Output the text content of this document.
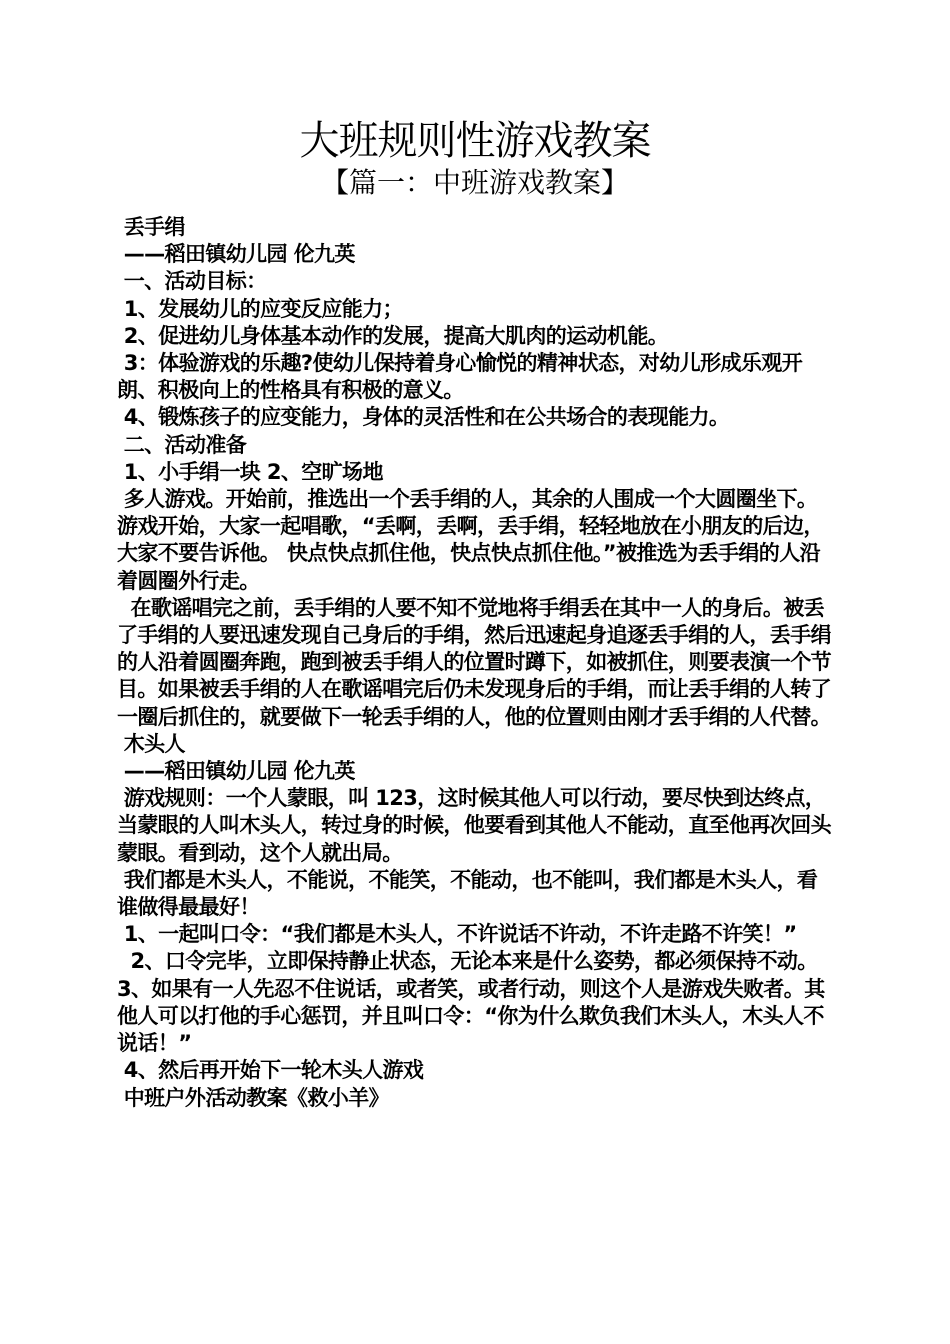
大班规则性游戏教案
【篇一：中班游戏教案】

丢手绢

——稻田镇幼儿园 伦九英

一、活动目标：

1、发展幼儿的应变反应能力；

2、促进幼儿身体基本动作的发展，提高大肌肉的运动机能。

3：体验游戏的乐趣?使幼儿保持着身心愉悦的精神状态，对幼儿形成乐观开朗、积极向上的性格具有积极的意义。

4、锻炼孩子的应变能力，身体的灵活性和在公共场合的表现能力。

二、活动准备

1、小手绢一块 2、空旷场地

多人游戏。开始前，推选出一个丢手绢的人，其余的人围成一个大圆圈坐下。游戏开始，大家一起唱歌，“丢啊，丢啊，丢手绢，轻轻地放在小朋友的后边，大家不要告诉他。 快点快点抓住他，快点快点抓住他。”被推选为丢手绢的人沿着圆圈外行走。

在歌谣唱完之前，丢手绢的人要不知不觉地将手绢丢在其中一人的身后。被丢了手绢的人要迅速发现自己身后的手绢，然后迅速起身追逐丢手绢的人，丢手绢的人沿着圆圈奔跑，跑到被丢手绢人的位置时蹲下，如被抓住，则要表演一个节目。如果被丢手绢的人在歌谣唱完后仍未发现身后的手绢，而让丢手绢的人转了一圈后抓住的，就要做下一轮丢手绢的人，他的位置则由刚才丢手绢的人代替。

木头人

——稻田镇幼儿园 伦九英

游戏规则：一个人蒙眼，叫 123，这时候其他人可以行动，要尽快到达终点，当蒙眼的人叫木头人，转过身的时候，他要看到其他人不能动，直至他再次回头蒙眼。看到动，这个人就出局。

我们都是木头人，不能说，不能笑，不能动，也不能叫，我们都是木头人，看谁做得最最好！

1、一起叫口令：“我们都是木头人，不许说话不许动，不许走路不许笑！”

2、口令完毕，立即保持静止状态，无论本来是什么姿势，都必须保持不动。

3、如果有一人先忍不住说话，或者笑，或者行动，则这个人是游戏失败者。其他人可以打他的手心惩罚，并且叫口令：“你为什么欺负我们木头人，木头人不说话！”

4、然后再开始下一轮木头人游戏

中班户外活动教案《救小羊》
